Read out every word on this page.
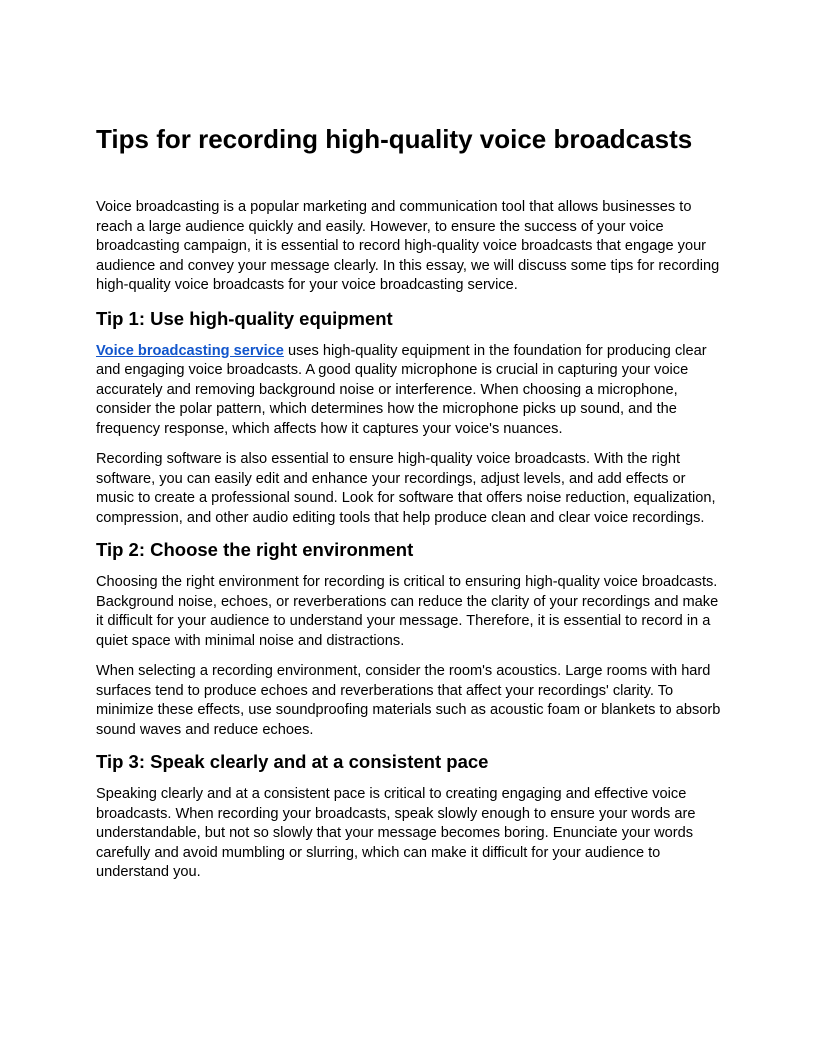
Tips for recording high-quality voice broadcasts

Voice broadcasting is a popular marketing and communication tool that allows businesses to reach a large audience quickly and easily. However, to ensure the success of your voice broadcasting campaign, it is essential to record high-quality voice broadcasts that engage your audience and convey your message clearly. In this essay, we will discuss some tips for recording high-quality voice broadcasts for your voice broadcasting service.

Tip 1: Use high-quality equipment

Voice broadcasting service uses high-quality equipment in the foundation for producing clear and engaging voice broadcasts. A good quality microphone is crucial in capturing your voice accurately and removing background noise or interference. When choosing a microphone, consider the polar pattern, which determines how the microphone picks up sound, and the frequency response, which affects how it captures your voice's nuances.

Recording software is also essential to ensure high-quality voice broadcasts. With the right software, you can easily edit and enhance your recordings, adjust levels, and add effects or music to create a professional sound. Look for software that offers noise reduction, equalization, compression, and other audio editing tools that help produce clean and clear voice recordings.

Tip 2: Choose the right environment

Choosing the right environment for recording is critical to ensuring high-quality voice broadcasts. Background noise, echoes, or reverberations can reduce the clarity of your recordings and make it difficult for your audience to understand your message. Therefore, it is essential to record in a quiet space with minimal noise and distractions.

When selecting a recording environment, consider the room's acoustics. Large rooms with hard surfaces tend to produce echoes and reverberations that affect your recordings' clarity. To minimize these effects, use soundproofing materials such as acoustic foam or blankets to absorb sound waves and reduce echoes.

Tip 3: Speak clearly and at a consistent pace

Speaking clearly and at a consistent pace is critical to creating engaging and effective voice broadcasts. When recording your broadcasts, speak slowly enough to ensure your words are understandable, but not so slowly that your message becomes boring. Enunciate your words carefully and avoid mumbling or slurring, which can make it difficult for your audience to understand you.
